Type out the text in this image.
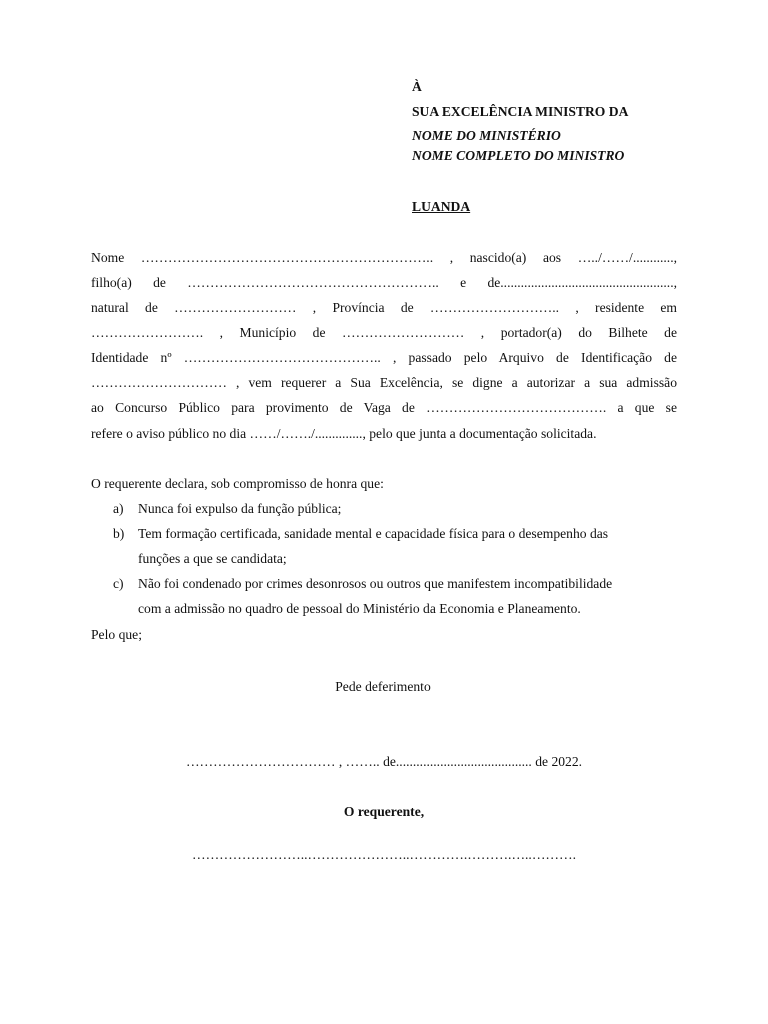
À
SUA EXCELÊNCIA MINISTRO DA
NOME DO MINISTÉRIO
NOME COMPLETO DO MINISTRO
LUANDA
Nome ……………………………………………………….. , nascido(a) aos …../……/............,
filho(a) de ……………………………………………….. e de...................................................,
natural de ……………………… , Província de ……………………….. , residente em
……………………. , Município de ……………………… , portador(a) do Bilhete de
Identidade nº …………………………………….. , passado pelo Arquivo de Identificação de
………………………… , vem requerer a Sua Excelência, se digne a autorizar a sua admissão
ao Concurso Público para provimento de Vaga de …………………………………. a que se
refere o aviso público no dia ……/……./.............., pelo que junta a documentação solicitada.
O requerente declara, sob compromisso de honra que:
a) Nunca foi expulso da função pública;
b) Tem formação certificada, sanidade mental e capacidade física para o desempenho das
funções a que se candidata;
c) Não foi condenado por crimes desonrosos ou outros que manifestem incompatibilidade
com a admissão no quadro de pessoal do Ministério da Economia e Planeamento.
Pelo que;
Pede deferimento
…………………………… , …….. de........................................ de 2022.
O requerente,
……………………..…………………..………….……….…..……….
